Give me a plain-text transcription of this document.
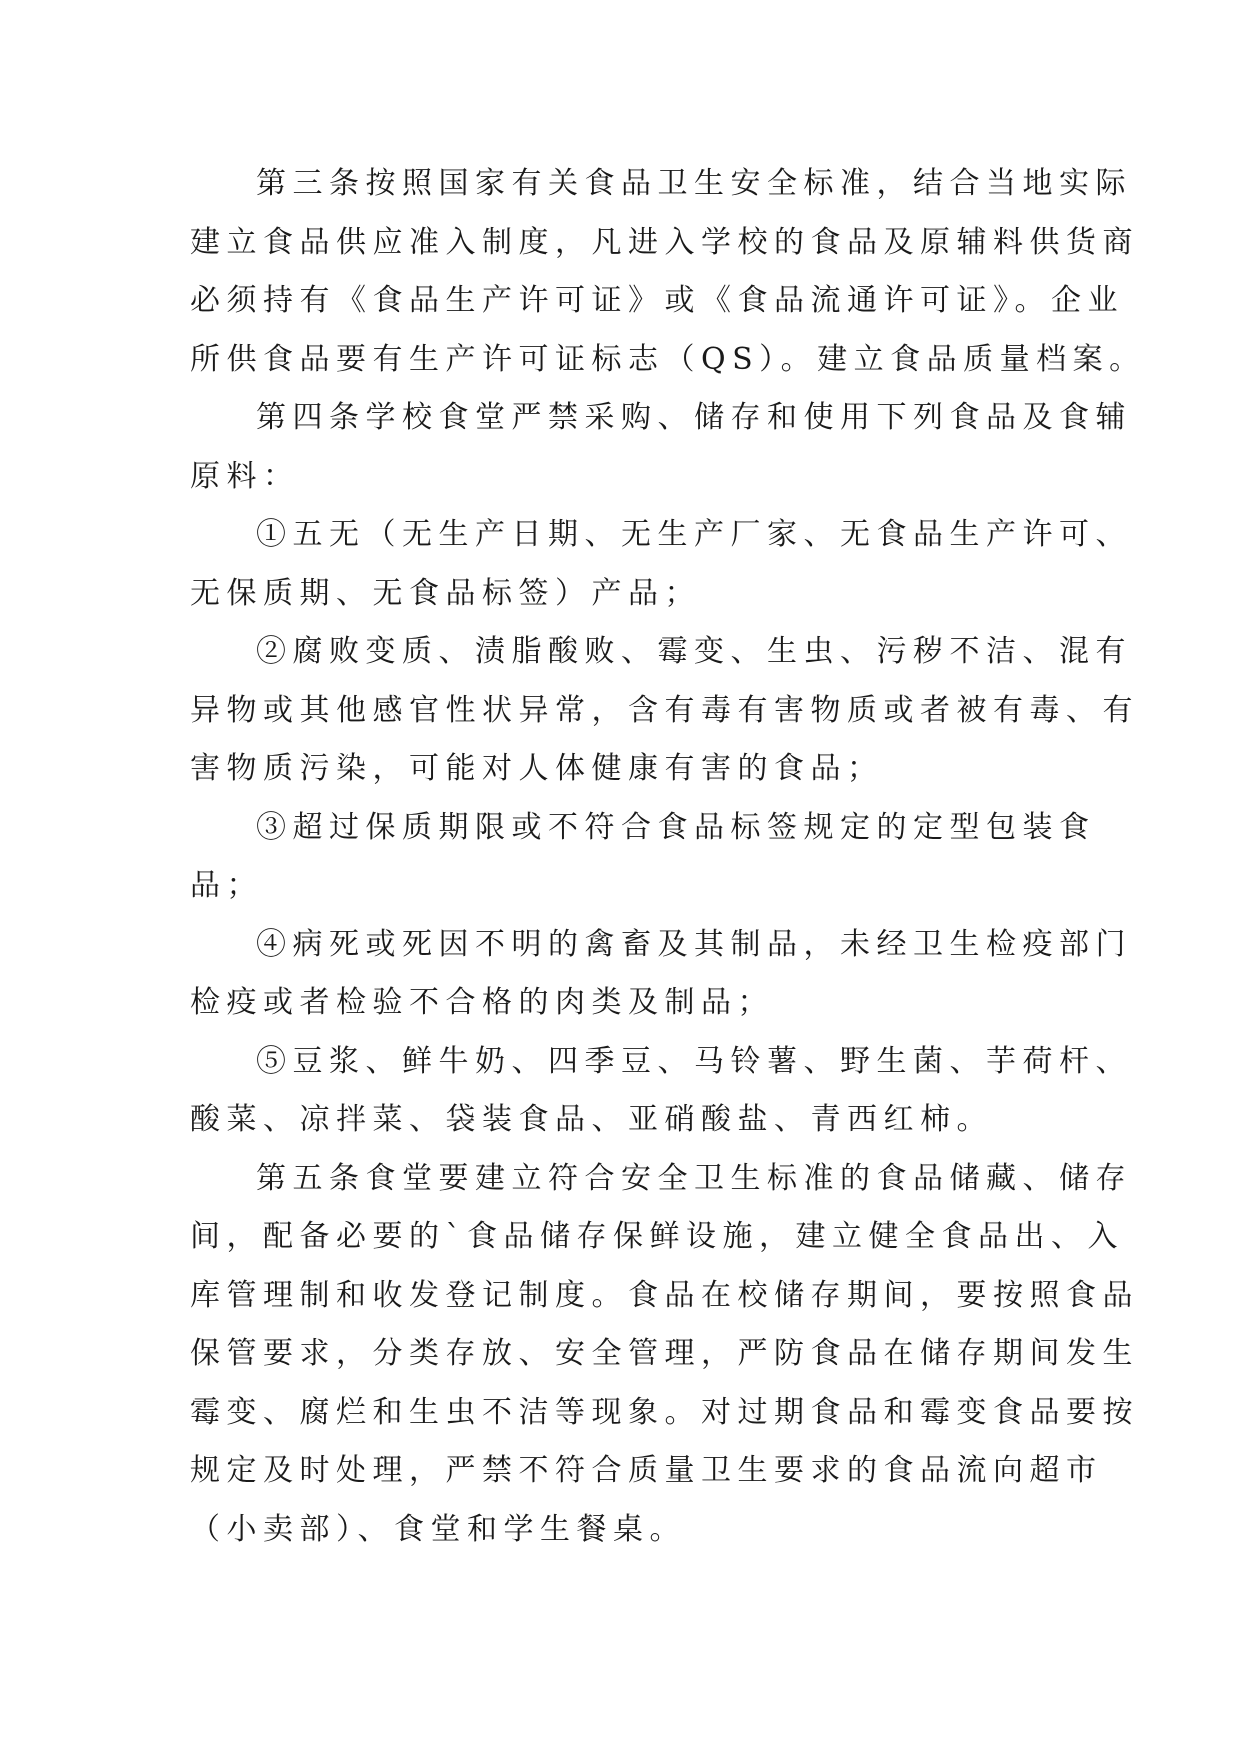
第三条按照国家有关食品卫生安全标准，结合当地实际
建立食品供应准入制度，凡进入学校的食品及原辅料供货商
必须持有《食品生产许可证》或《食品流通许可证》。企业
所供食品要有生产许可证标志（QS）。建立食品质量档案。
第四条学校食堂严禁采购、储存和使用下列食品及食辅
原料：
①五无（无生产日期、无生产厂家、无食品生产许可、
无保质期、无食品标签）产品；
②腐败变质、渍脂酸败、霉变、生虫、污秽不洁、混有
异物或其他感官性状异常，含有毒有害物质或者被有毒、有
害物质污染，可能对人体健康有害的食品；
③超过保质期限或不符合食品标签规定的定型包装食
品；
④病死或死因不明的禽畜及其制品，未经卫生检疫部门
检疫或者检验不合格的肉类及制品；
⑤豆浆、鲜牛奶、四季豆、马铃薯、野生菌、芋荷杆、
酸菜、凉拌菜、袋装食品、亚硝酸盐、青西红柿。
第五条食堂要建立符合安全卫生标准的食品储藏、储存
间，配备必要的`食品储存保鲜设施，建立健全食品出、入
库管理制和收发登记制度。食品在校储存期间，要按照食品
保管要求，分类存放、安全管理，严防食品在储存期间发生
霉变、腐烂和生虫不洁等现象。对过期食品和霉变食品要按
规定及时处理，严禁不符合质量卫生要求的食品流向超市
（小卖部）、食堂和学生餐桌。
